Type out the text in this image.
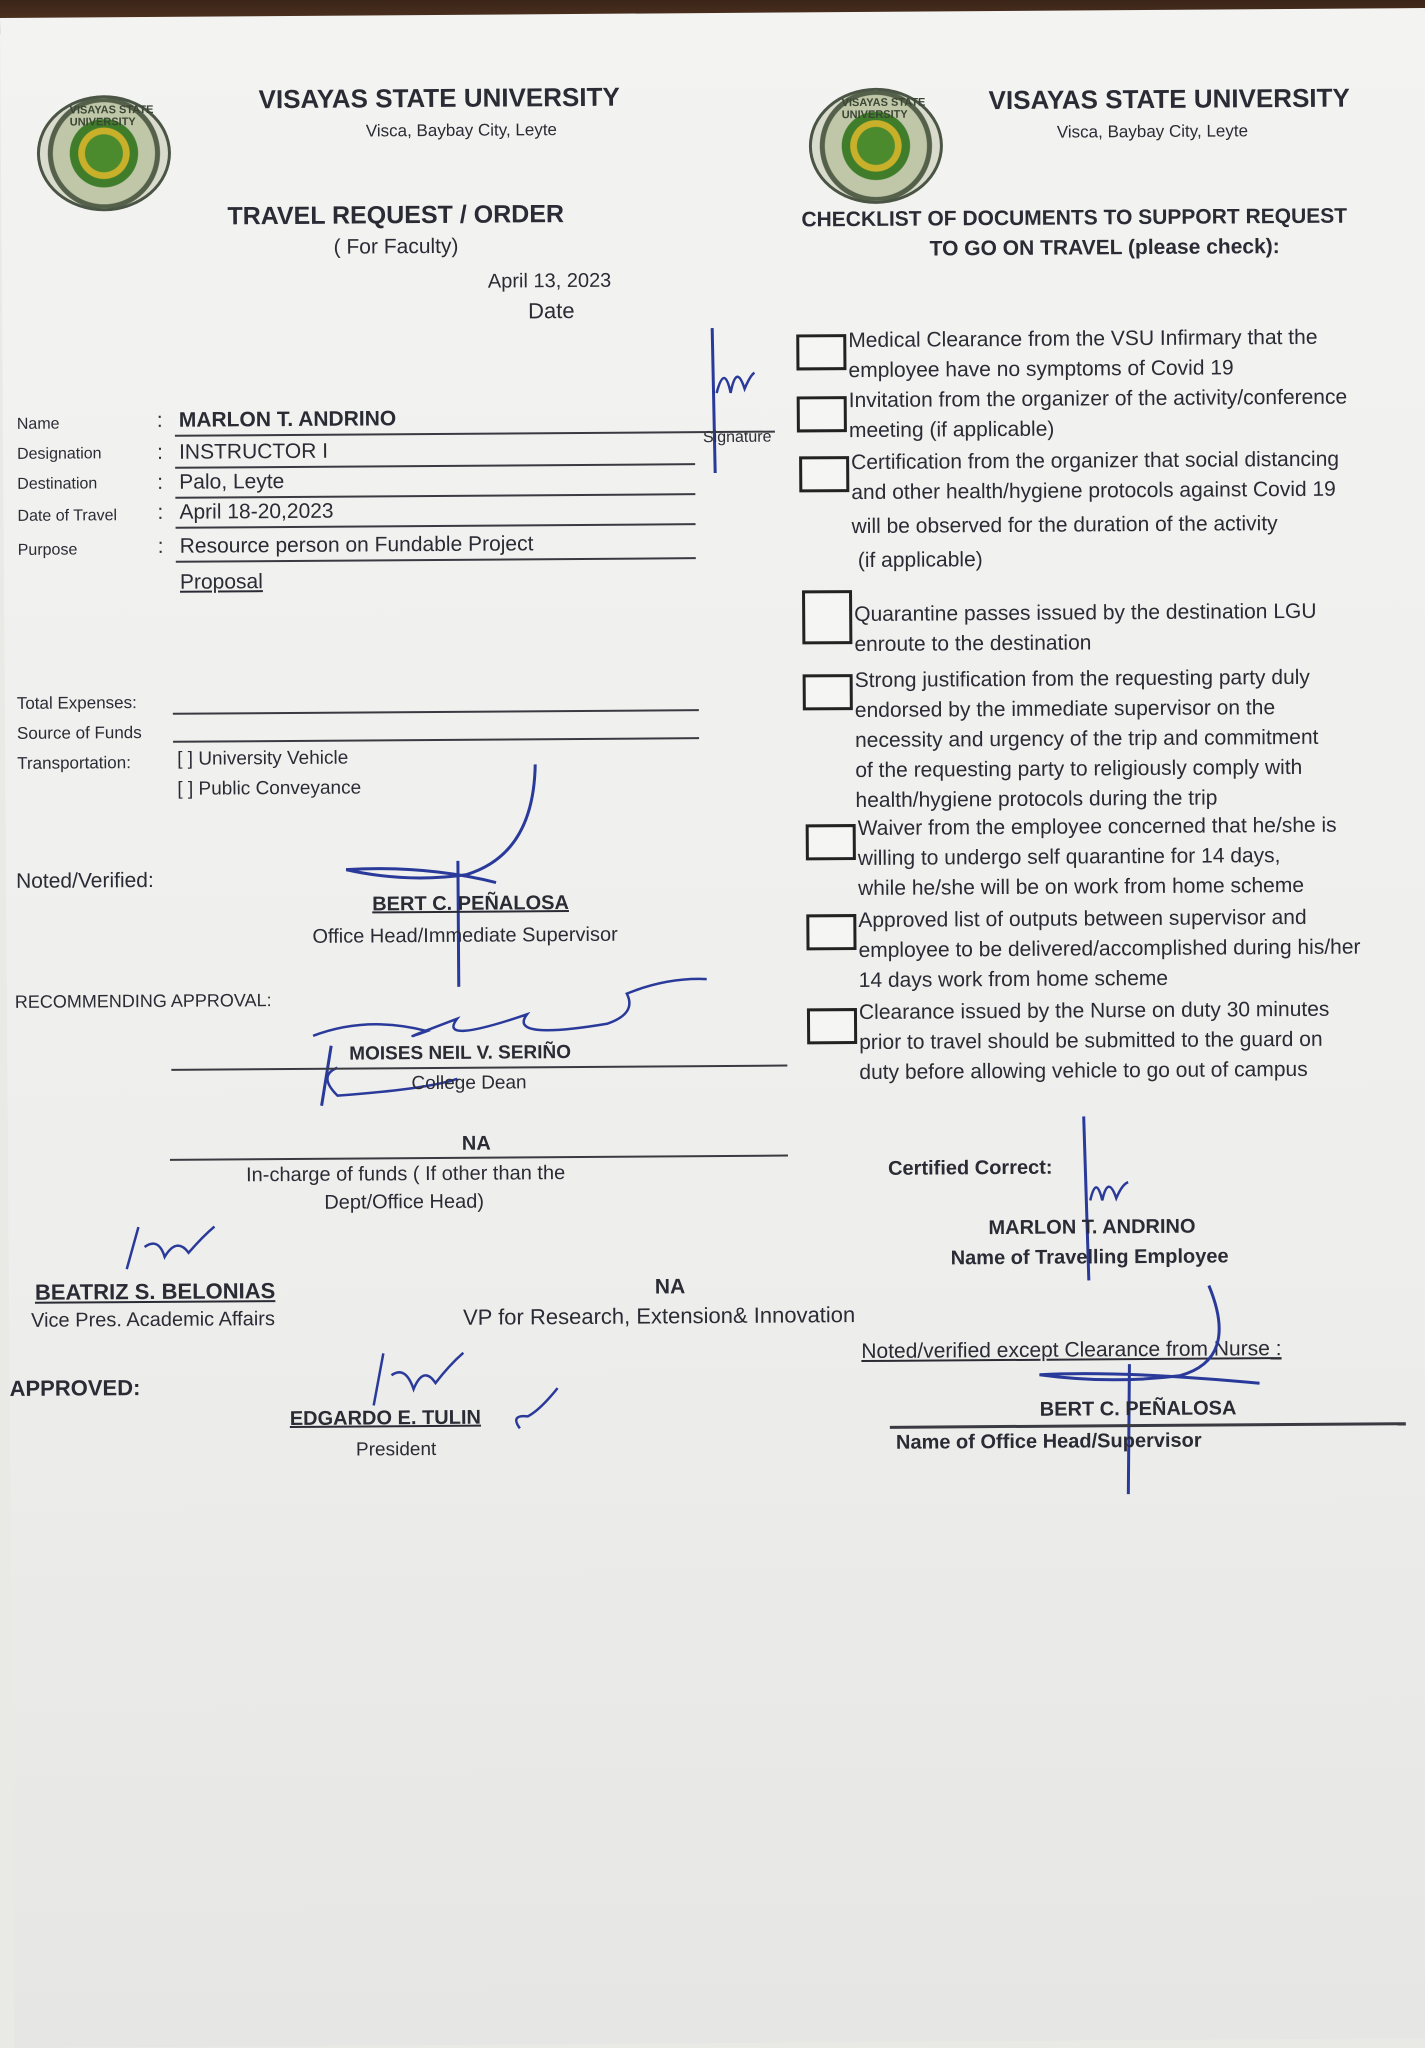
VISAYAS STATE UNIVERSITY
VISAYAS STATE UNIVERSITY
Visca, Baybay City, Leyte
TRAVEL REQUEST / ORDER
( For Faculty)
April 13, 2023
Date
Signature
Name	: MARLON T. ANDRINO
Designation	: INSTRUCTOR I
Destination	: Palo, Leyte
Date of Travel : April 18-20,2023
Purpose	: Resource person on Fundable Project
Proposal
Total Expenses:
Source of Funds
Transportation: [ ] University Vehicle
[ ] Public Conveyance
Noted/Verified:
BERT C. PEÑALOSA
Office Head/Immediate Supervisor
RECOMMENDING APPROVAL:
MOISES NEIL V. SERIÑO
College Dean
NA
In-charge of funds ( If other than the
Dept/Office Head)
BEATRIZ S. BELONIAS
Vice Pres. Academic Affairs
NA
VP for Research, Extension& Innovation
APPROVED:
EDGARDO E. TULIN
President
VISAYAS STATE UNIVERSITY	VISAYAS STATE UNIVERSITY
Visca, Baybay City, Leyte
CHECKLIST OF DOCUMENTS TO SUPPORT REQUEST
TO GO ON TRAVEL (please check):
Medical Clearance from the VSU Infirmary that the
employee have no symptoms of Covid 19
Invitation from the organizer of the activity/conference
meeting (if applicable)
Certification from the organizer that social distancing
and other health/hygiene protocols against Covid 19
will be observed for the duration of the activity
(if applicable)
Quarantine passes issued by the destination LGU
enroute to the destination
Strong justification from the requesting party duly
endorsed by the immediate supervisor on the
necessity and urgency of the trip and commitment
of the requesting party to religiously comply with
health/hygiene protocols during the trip
Waiver from the employee concerned that he/she is
willing to undergo self quarantine for 14 days,
while he/she will be on work from home scheme
Approved list of outputs between supervisor and
employee to be delivered/accomplished during his/her
14 days work from home scheme
Clearance issued by the Nurse on duty 30 minutes
prior to travel should be submitted to the guard on
duty before allowing vehicle to go out of campus
Certified Correct:
MARLON T. ANDRINO
Name of Travelling Employee
Noted/verified except Clearance from Nurse :
BERT C. PEÑALOSA
Name of Office Head/Supervisor
